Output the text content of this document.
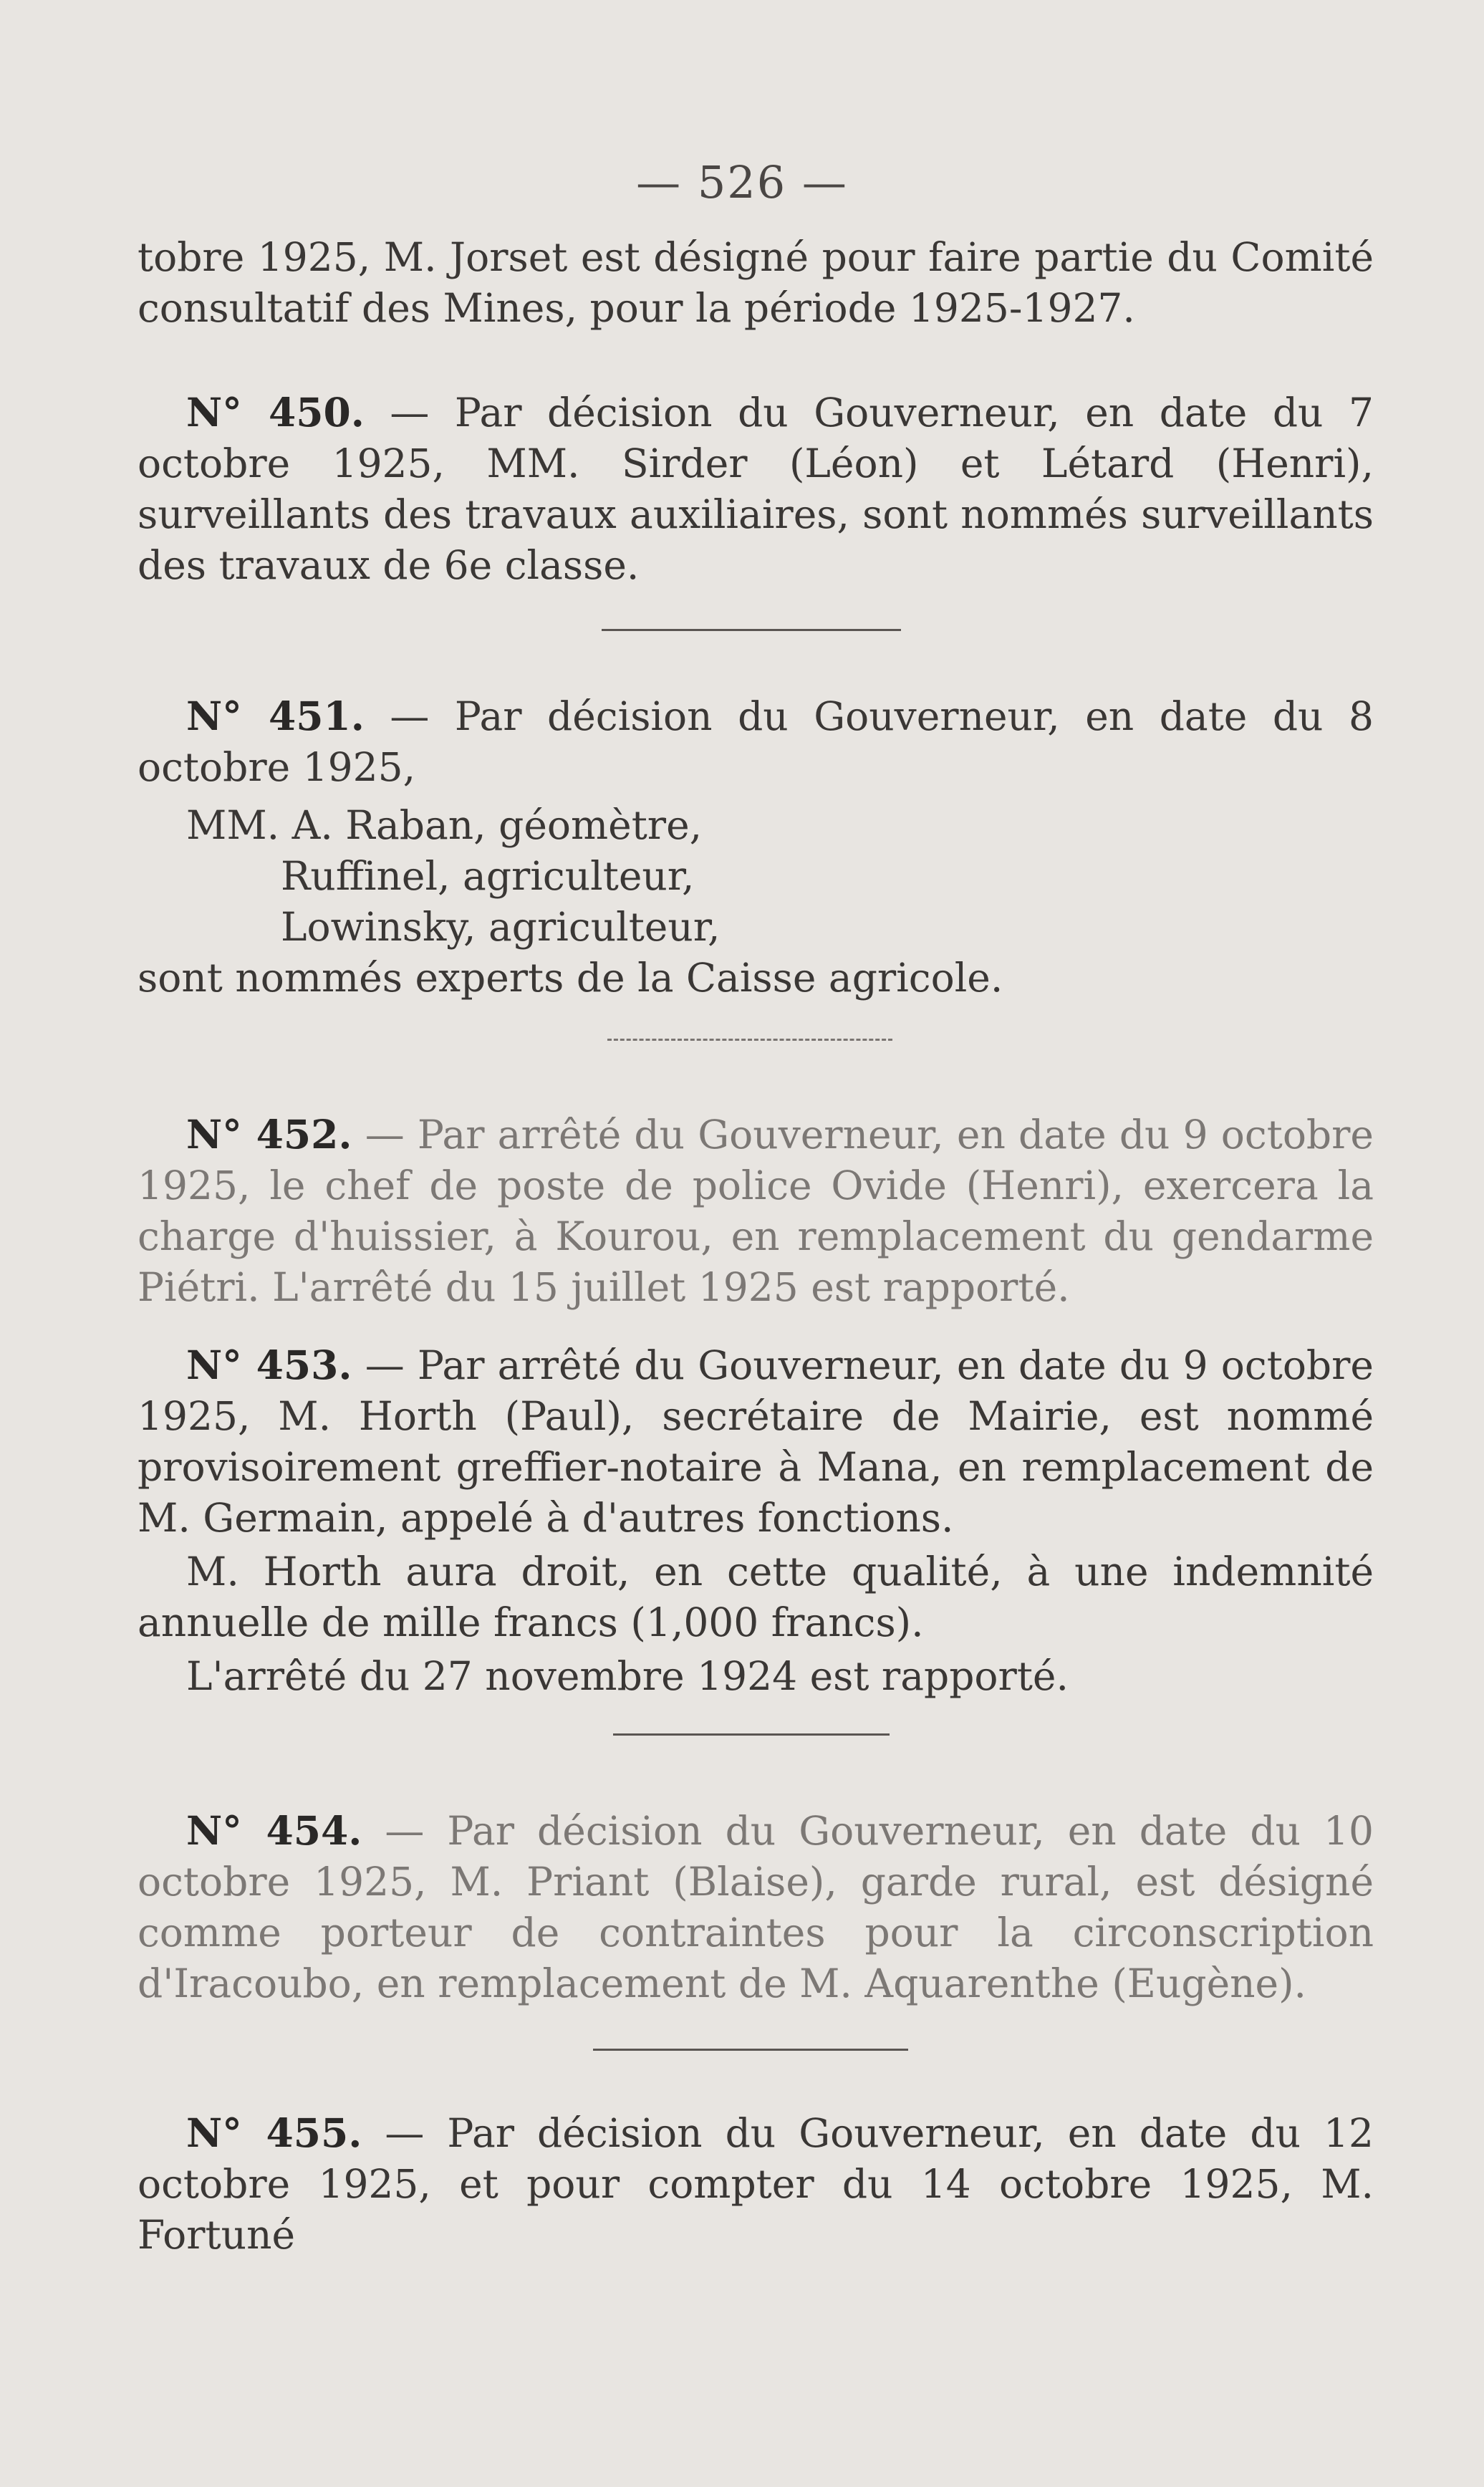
— 526 —

tobre 1925, M. Jorset est désigné pour faire partie du Comité consultatif des Mines, pour la période 1925-1927.

N° 450. — Par décision du Gouverneur, en date du 7 octobre 1925, MM. Sirder (Léon) et Létard (Henri), surveillants des travaux auxiliaires, sont nommés surveillants des travaux de 6e classe.

N° 451. — Par décision du Gouverneur, en date du 8 octobre 1925,

MM. A. Raban, géomètre,

Ruffinel, agriculteur,

Lowinsky, agriculteur,

sont nommés experts de la Caisse agricole.

N° 452. — Par arrêté du Gouverneur, en date du 9 octobre 1925, le chef de poste de police Ovide (Henri), exercera la charge d'huissier, à Kourou, en remplacement du gendarme Piétri. L'arrêté du 15 juillet 1925 est rapporté.

N° 453. — Par arrêté du Gouverneur, en date du 9 octobre 1925, M. Horth (Paul), secrétaire de Mairie, est nommé provisoirement greffier-notaire à Mana, en remplacement de M. Germain, appelé à d'autres fonctions.

M. Horth aura droit, en cette qualité, à une indemnité annuelle de mille francs (1,000 francs).

L'arrêté du 27 novembre 1924 est rapporté.

N° 454. — Par décision du Gouverneur, en date du 10 octobre 1925, M. Priant (Blaise), garde rural, est désigné comme porteur de contraintes pour la circonscription d'Iracoubo, en remplacement de M. Aquarenthe (Eugène).

N° 455. — Par décision du Gouverneur, en date du 12 octobre 1925, et pour compter du 14 octobre 1925, M. Fortuné
